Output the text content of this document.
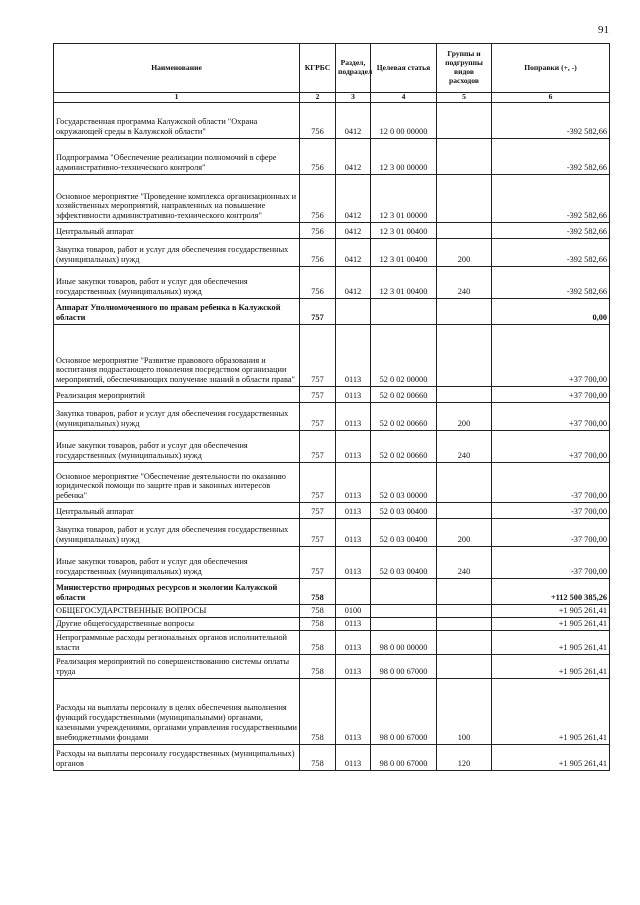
91
Наименование	КГРБС	Раздел, подраздел	Целевая статья	Группы и подгруппы видов расходов	Поправки (+, -)
1	2	3	4	5	6
Государственная программа Калужской области "Охрана окружающей среды в Калужской области"	756	0412	12 0 00 00000		-392 582,66
Подпрограмма "Обеспечение реализации полномочий в сфере административно-технического контроля"	756	0412	12 3 00 00000		-392 582,66
Основное мероприятие "Проведение комплекса организационных и хозяйственных мероприятий, направленных на повышение эффективности административно-технического контроля"	756	0412	12 3 01 00000		-392 582,66
Центральный аппарат	756	0412	12 3 01 00400		-392 582,66
Закупка товаров, работ и услуг для обеспечения государственных (муниципальных) нужд	756	0412	12 3 01 00400	200	-392 582,66
Иные закупки товаров, работ и услуг для обеспечения государственных (муниципальных) нужд	756	0412	12 3 01 00400	240	-392 582,66
Аппарат Уполномоченного по правам ребенка в Калужской области	757				0,00
Основное мероприятие "Развитие правового образования и воспитания подрастающего поколения посредством организации мероприятий, обеспечивающих получение знаний в области права"	757	0113	52 0 02 00000		+37 700,00
Реализация мероприятий	757	0113	52 0 02 00660		+37 700,00
Закупка товаров, работ и услуг для обеспечения государственных (муниципальных) нужд	757	0113	52 0 02 00660	200	+37 700,00
Иные закупки товаров, работ и услуг для обеспечения государственных (муниципальных) нужд	757	0113	52 0 02 00660	240	+37 700,00
Основное мероприятие "Обеспечение деятельности по оказанию юридической помощи по защите прав и законных интересов ребенка"	757	0113	52 0 03 00000		-37 700,00
Центральный аппарат	757	0113	52 0 03 00400		-37 700,00
Закупка товаров, работ и услуг для обеспечения государственных (муниципальных) нужд	757	0113	52 0 03 00400	200	-37 700,00
Иные закупки товаров, работ и услуг для обеспечения государственных (муниципальных) нужд	757	0113	52 0 03 00400	240	-37 700,00
Министерство природных ресурсов и экологии Калужской области	758				+112 500 385,26
ОБЩЕГОСУДАРСТВЕННЫЕ ВОПРОСЫ	758	0100			+1 905 261,41
Другие общегосударственные вопросы	758	0113			+1 905 261,41
Непрограммные расходы региональных органов исполнительной власти	758	0113	98 0 00 00000		+1 905 261,41
Реализация мероприятий по совершенствованию системы оплаты труда	758	0113	98 0 00 67000		+1 905 261,41
Расходы на выплаты персоналу в целях обеспечения выполнения функций государственными (муниципальными) органами, казенными учреждениями, органами управления государственными внебюджетными фондами	758	0113	98 0 00 67000	100	+1 905 261,41
Расходы на выплаты персоналу государственных (муниципальных) органов	758	0113	98 0 00 67000	120	+1 905 261,41
